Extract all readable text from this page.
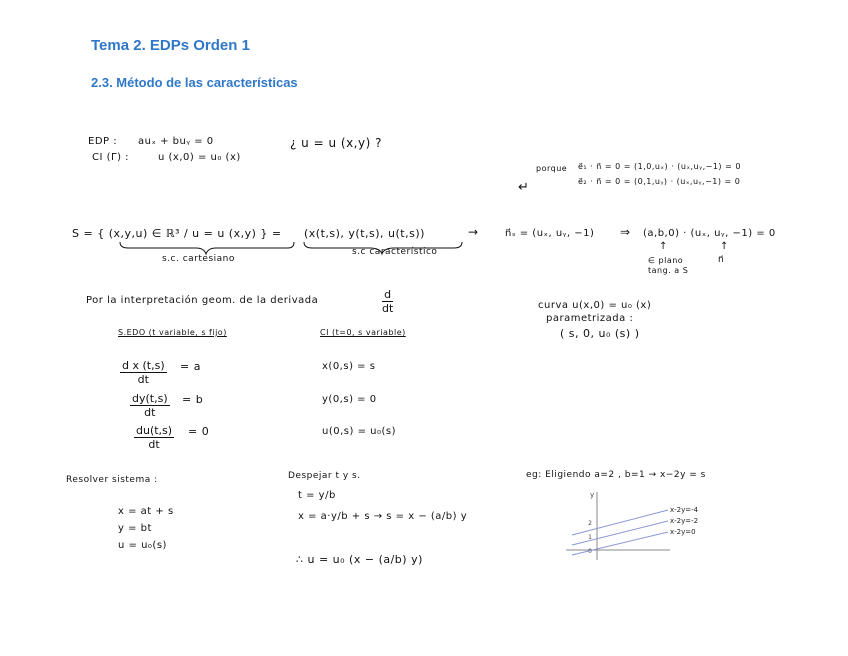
Tema 2. EDPs Orden 1
2.3. Método de las características
EDP : auₓ + buᵧ = 0
CI (Γ) :	u (x,0) = u₀ (x)
¿ u = u (x,y) ?
porque e⃗₁ · n⃗ = 0 = (1,0,uₓ) · (uₓ,uᵧ,−1) = 0
e⃗₂ · n⃗ = 0 = (0,1,uᵧ) · (uₓ,uᵧ,−1) = 0
↵
S = { (x,y,u) ∈ ℝ³ / u = u (x,y) } = (x(t,s), y(t,s), u(t,s))	→	n⃗ₛ = (uₓ, uᵧ, −1) ⇒ (a,b,0) · (uₓ, uᵧ, −1) = 0
s.c. cartesiano
s.c característico	↑	↑
∈ plano
tang. a S
n⃗
Por la interpretación geom. de la derivada	$\frac{d}{dt}$	curva u(x,0) = u₀ (x)
parametrizada :
( s, 0, u₀ (s) )
S.EDO (t variable, s fijo)	CI (t=0, s variable)
$\frac{\text{d x (t,s)}}{dt} = a$
$\frac{dy(t,s)}{dt} = b$
$\frac{du(t,s)}{dt} = 0$
x(0,s) = s
y(0,s) = 0
u(0,s) = u₀(s)
Resolver sistema :
x = at + s
y = bt
u = u₀(s)
Despejar t y s.
t = y/b
x = a·y/b + s → s = x − (a/b) y
∴ u = u₀ (x − (a/b) y)
eg: Eligiendo a=2 , b=1 → x−2y = s
y
2
1
0
x-2y=-4
x-2y=-2
x-2y=0
